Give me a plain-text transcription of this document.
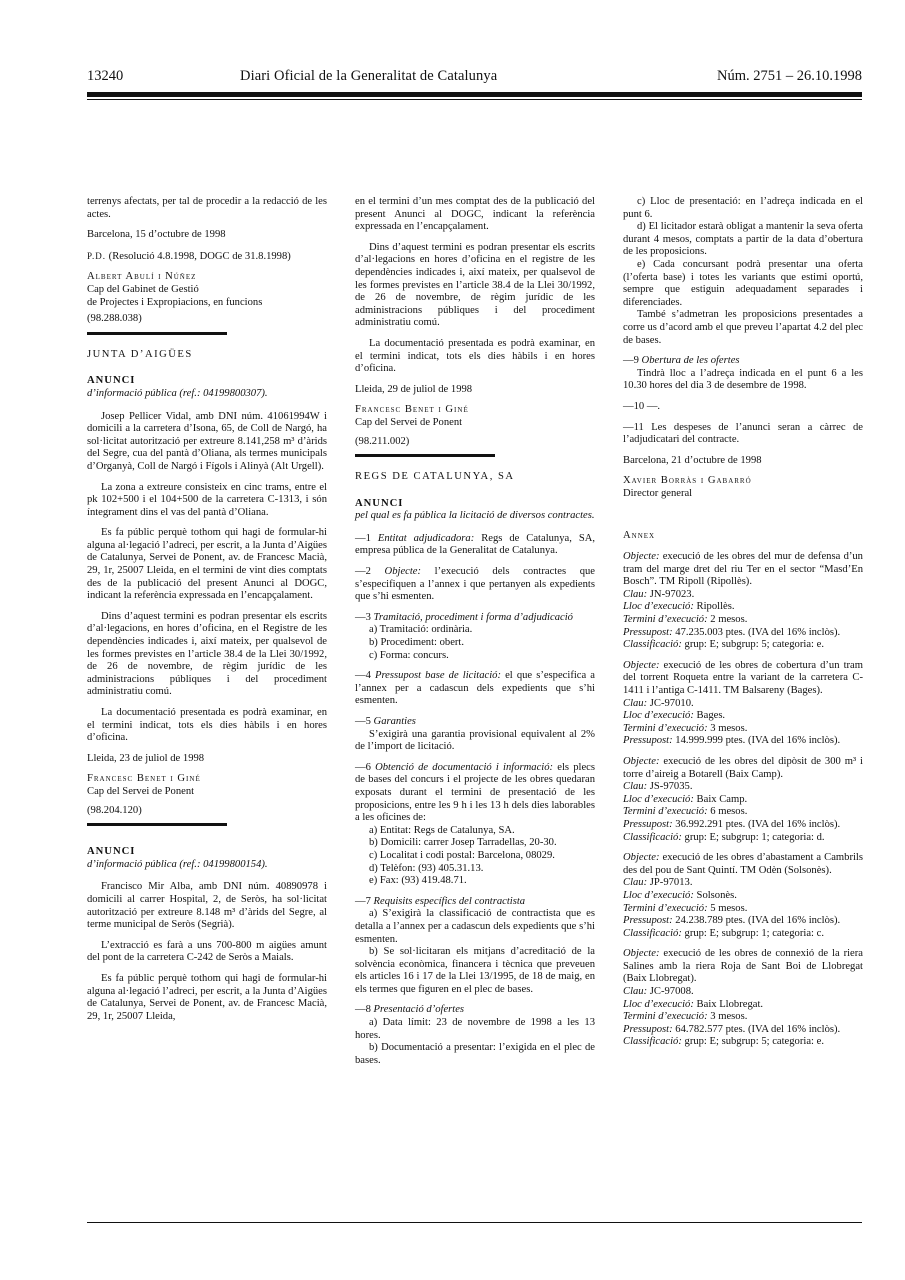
13240	Diari Oficial de la Generalitat de Catalunya	Núm. 2751 – 26.10.1998

terrenys afectats, per tal de procedir a la redacció de les actes.

Barcelona, 15 d’octubre de 1998

P.D. (Resolució 4.8.1998, DOGC de 31.8.1998)

Albert Abulí i Núñez
Cap del Gabinet de Gestió
de Projectes i Expropiacions, en funcions

(98.288.038)

JUNTA D’AIGÜES

ANUNCI

d’informació pública (ref.: 04199800307).

Josep Pellicer Vidal, amb DNI núm. 41061994W i domicili a la carretera d’Isona, 65, de Coll de Nargó, ha sol·licitat autorització per extreure 8.141,258 m³ d’àrids del Segre, cua del pantà d’Oliana, als termes municipals d’Organyà, Coll de Nargó i Fígols i Alinyà (Alt Urgell).

La zona a extreure consisteix en cinc trams, entre el pk 102+500 i el 104+500 de la carretera C-1313, i són íntegrament dins el vas del pantà d’Oliana.

Es fa públic perquè tothom qui hagi de formular-hi alguna al·legació l’adreci, per escrit, a la Junta d’Aigües de Catalunya, Servei de Ponent, av. de Francesc Macià, 29, 1r, 25007 Lleida, en el termini de vint dies comptats des de la publicació del present Anunci al DOGC, indicant la referència expressada en l’encapçalament.

Dins d’aquest termini es podran presentar els escrits d’al·legacions, en hores d’oficina, en el Registre de les dependències indicades i, així mateix, per qualsevol de les formes previstes en l’article 38.4 de la Llei 30/1992, de 26 de novembre, de règim jurídic de les administracions públiques i del procediment administratiu comú.

La documentació presentada es podrà examinar, en el termini indicat, tots els dies hàbils i en hores d’oficina.

Lleida, 23 de juliol de 1998

Francesc Benet i Giné
Cap del Servei de Ponent

(98.204.120)

ANUNCI

d’informació pública (ref.: 04199800154).

Francisco Mir Alba, amb DNI núm. 40890978 i domicili al carrer Hospital, 2, de Seròs, ha sol·licitat autorització per extreure 8.148 m³ d’àrids del Segre, al terme municipal de Seròs (Segrià).

L’extracció es farà a uns 700-800 m aigües amunt del pont de la carretera C-242 de Seròs a Maials.

Es fa públic perquè tothom qui hagi de formular-hi alguna al·legació l’adreci, per escrit, a la Junta d’Aigües de Catalunya, Servei de Ponent, av. de Francesc Macià, 29, 1r, 25007 Lleida,

en el termini d’un mes comptat des de la publicació del present Anunci al DOGC, indicant la referència expressada en l’encapçalament.

Dins d’aquest termini es podran presentar els escrits d’al·legacions en hores d’oficina en el registre de les dependències indicades i, així mateix, per qualsevol de les formes previstes en l’article 38.4 de la Llei 30/1992, de 26 de novembre, de règim jurídic de les administracions públiques i del procediment administratiu comú.

La documentació presentada es podrà examinar, en el termini indicat, tots els dies hàbils i en hores d’oficina.

Lleida, 29 de juliol de 1998

Francesc Benet i Giné
Cap del Servei de Ponent

(98.211.002)

REGS DE CATALUNYA, SA

ANUNCI

pel qual es fa pública la licitació de diversos contractes.

—1 Entitat adjudicadora: Regs de Catalunya, SA, empresa pública de la Generalitat de Catalunya.

—2 Objecte: l’execució dels contractes que s’especifiquen a l’annex i que pertanyen als expedients que s’hi esmenten.

—3 Tramitació, procediment i forma d’adjudicació

a) Tramitació: ordinària.

b) Procediment: obert.

c) Forma: concurs.

—4 Pressupost base de licitació: el que s’especifica a l’annex per a cadascun dels expedients que s’hi esmenten.

—5 Garanties

S’exigirà una garantia provisional equivalent al 2% de l’import de licitació.

—6 Obtenció de documentació i informació: els plecs de bases del concurs i el projecte de les obres quedaran exposats durant el termini de presentació de les proposicions, entre les 9 h i les 13 h dels dies laborables a les oficines de:

a) Entitat: Regs de Catalunya, SA.

b) Domicili: carrer Josep Tarradellas, 20-30.

c) Localitat i codi postal: Barcelona, 08029.

d) Telèfon: (93) 405.31.13.

e) Fax: (93) 419.48.71.

—7 Requisits específics del contractista

a) S’exigirà la classificació de contractista que es detalla a l’annex per a cadascun dels expedients que s’hi esmenten.

b) Se sol·licitaran els mitjans d’acreditació de la solvència econòmica, financera i tècnica que preveuen els articles 16 i 17 de la Llei 13/1995, de 18 de maig, en els termes que figuren en el plec de bases.

—8 Presentació d’ofertes

a) Data límit: 23 de novembre de 1998 a les 13 hores.

b) Documentació a presentar: l’exigida en el plec de bases.

c) Lloc de presentació: en l’adreça indicada en el punt 6.

d) El licitador estarà obligat a mantenir la seva oferta durant 4 mesos, comptats a partir de la data d’obertura de les proposicions.

e) Cada concursant podrà presentar una oferta (l’oferta base) i totes les variants que estimi oportú, sempre que estiguin adequadament separades i diferenciades.

També s’admetran les proposicions presentades a corre us d’acord amb el que preveu l’apartat 4.2 del plec de bases.

—9 Obertura de les ofertes

Tindrà lloc a l’adreça indicada en el punt 6 a les 10.30 hores del dia 3 de desembre de 1998.

—10 —.

—11 Les despeses de l’anunci seran a càrrec de l’adjudicatari del contracte.

Barcelona, 21 d’octubre de 1998

Xavier Borràs i Gabarró
Director general

Annex

Objecte: execució de les obres del mur de defensa d’un tram del marge dret del riu Ter en el sector “Masd’En Bosch”. TM Ripoll (Ripollès).

Clau: JN-97023.

Lloc d’execució: Ripollès.

Termini d’execució: 2 mesos.

Pressupost: 47.235.003 ptes. (IVA del 16% inclòs).

Classificació: grup: E; subgrup: 5; categoria: e.

Objecte: execució de les obres de cobertura d’un tram del torrent Roqueta entre la variant de la carretera C-1411 i l’antiga C-1411. TM Balsareny (Bages).

Clau: JC-97010.

Lloc d’execució: Bages.

Termini d’execució: 3 mesos.

Pressupost: 14.999.999 ptes. (IVA del 16% inclòs).

Objecte: execució de les obres del dipòsit de 300 m³ i torre d’aireig a Botarell (Baix Camp).

Clau: JS-97035.

Lloc d’execució: Baix Camp.

Termini d’execució: 6 mesos.

Pressupost: 36.992.291 ptes. (IVA del 16% inclòs).

Classificació: grup: E; subgrup: 1; categoria: d.

Objecte: execució de les obres d’abastament a Cambrils des del pou de Sant Quintí. TM Odèn (Solsonès).

Clau: JP-97013.

Lloc d’execució: Solsonès.

Termini d’execució: 5 mesos.

Pressupost: 24.238.789 ptes. (IVA del 16% inclòs).

Classificació: grup: E; subgrup: 1; categoria: c.

Objecte: execució de les obres de connexió de la riera Salines amb la riera Roja de Sant Boi de Llobregat (Baix Llobregat).

Clau: JC-97008.

Lloc d’execució: Baix Llobregat.

Termini d’execució: 3 mesos.

Pressupost: 64.782.577 ptes. (IVA del 16% inclòs).

Classificació: grup: E; subgrup: 5; categoria: e.
